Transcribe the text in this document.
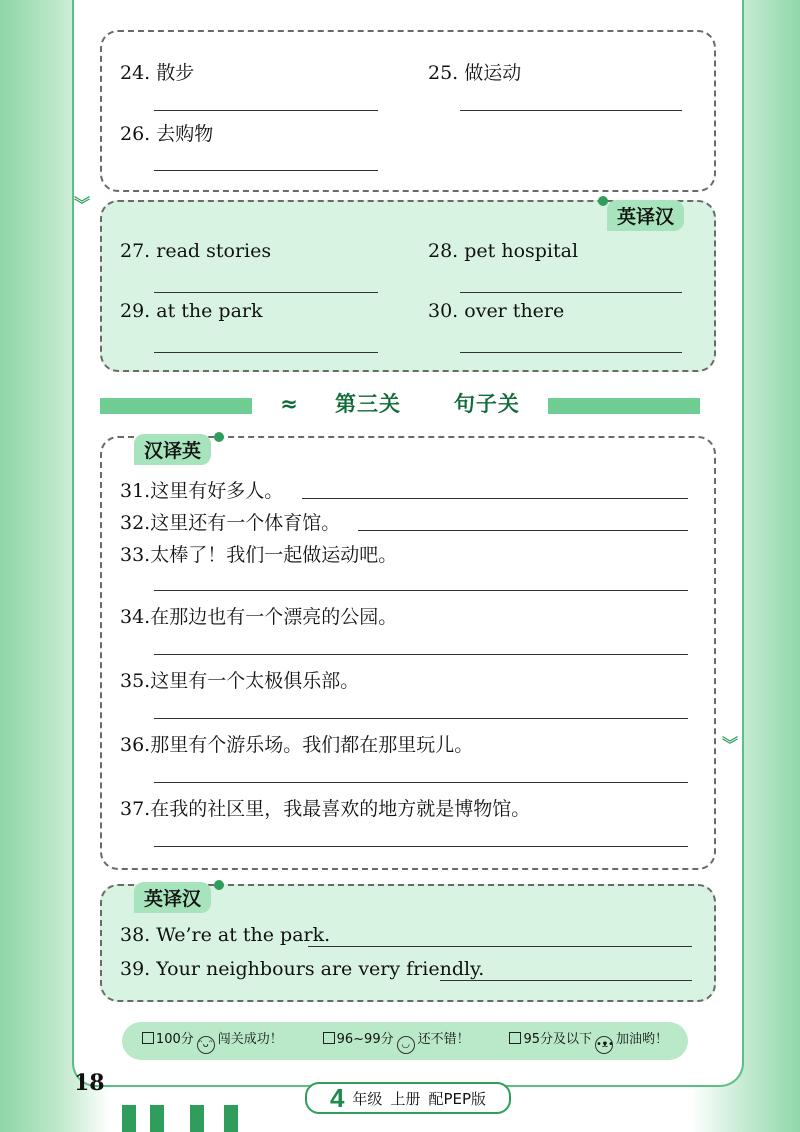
︾
︾
24. 散步	25. 做运动
26. 去购物
英译汉
27. read stories	28. pet hospital
29. at the park	30. over there
≈ 第三关	句子关
汉译英
31.这里有好多人。
32.这里还有一个体育馆。
33.太棒了！我们一起做运动吧。
34.在那边也有一个漂亮的公园。
35.这里有一个太极俱乐部。
36.那里有个游乐场。我们都在那里玩儿。
37.在我的社区里，我最喜欢的地方就是博物馆。
英译汉
38. We’re at the park.
39. Your neighbours are very friendly.
100分 ᵔᴗᵔ 闯关成功！	96~99分 ◡ 还不错！	95分及以下 •ᴥ• 加油哟！
18	4 年级 上册 配PEP版
